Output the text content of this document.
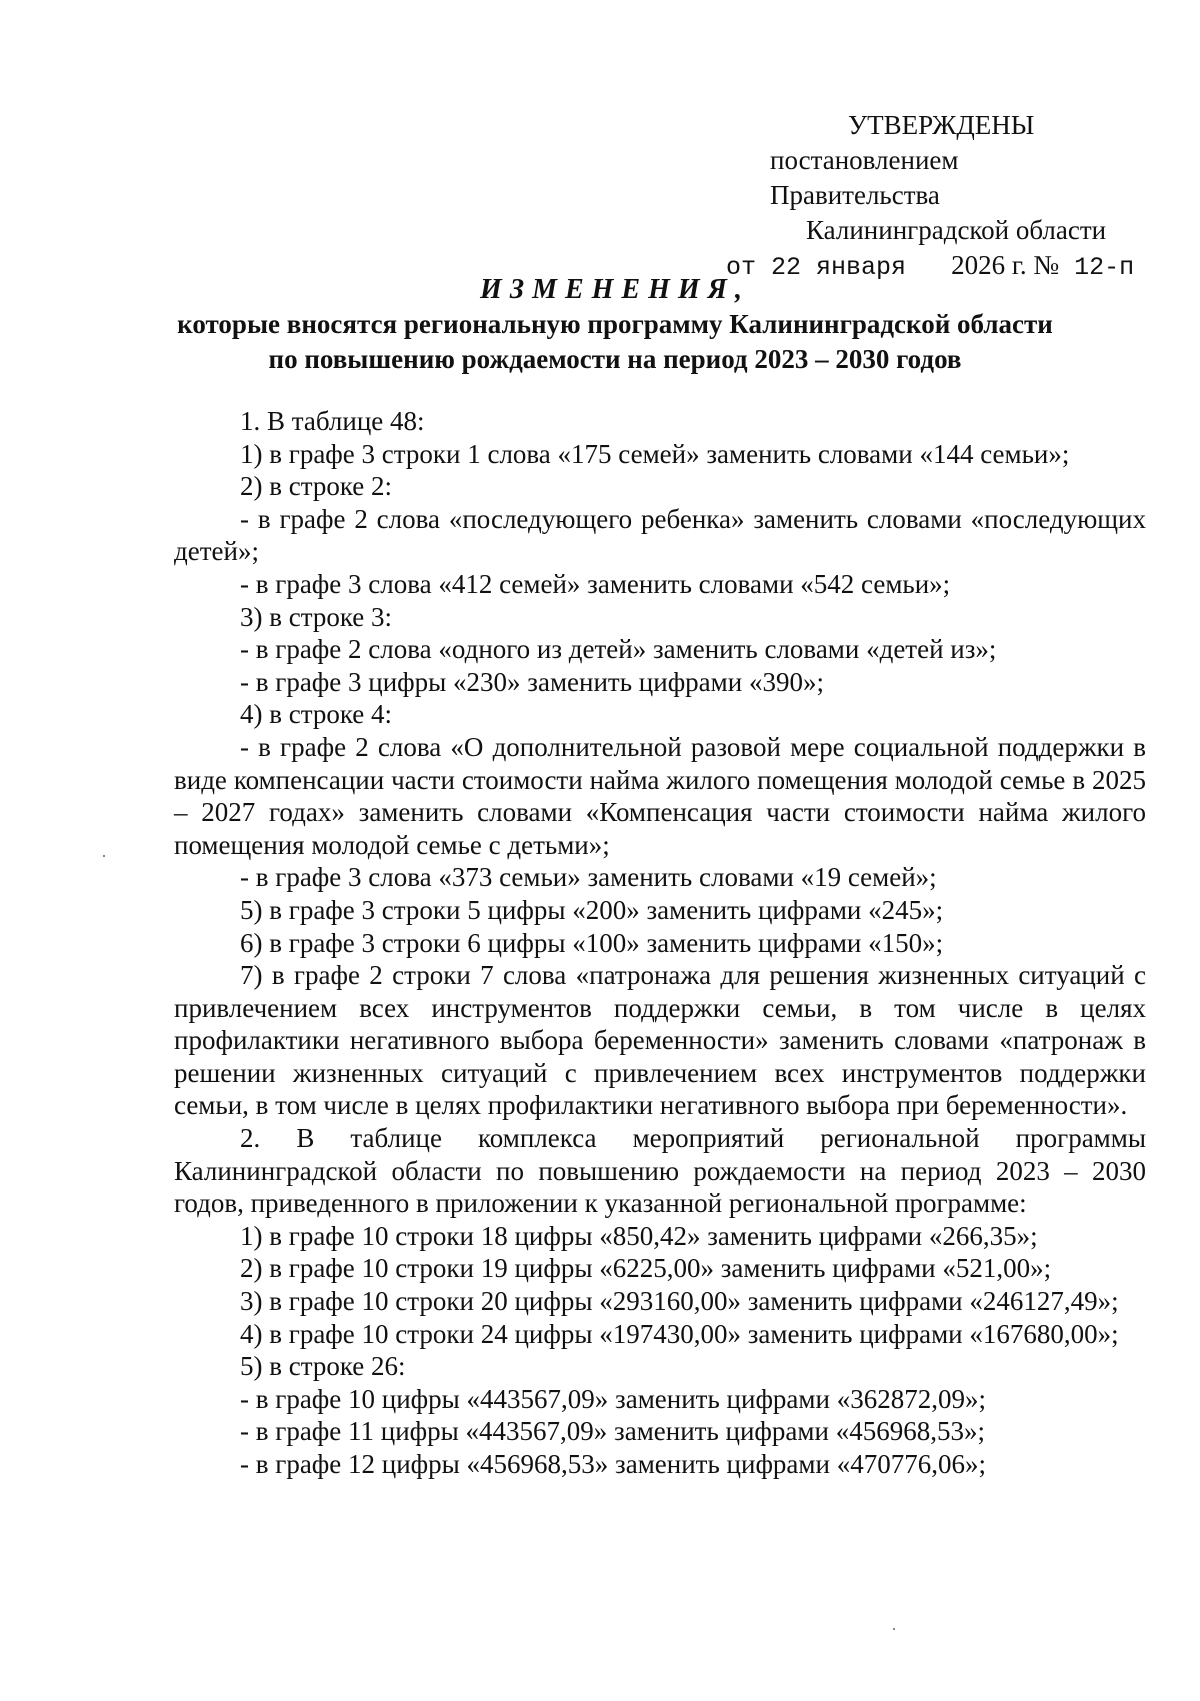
УТВЕРЖДЕНЫ
постановлением Правительства
Калининградской области
от 22 января 2026 г. № 12-п
ИЗМЕНЕНИЯ,
которые вносятся региональную программу Калининградской области
по повышению рождаемости на период 2023 – 2030 годов

1. В таблице 48:

1) в графе 3 строки 1 слова «175 семей» заменить словами «144 семьи»;

2) в строке 2:

- в графе 2 слова «последующего ребенка» заменить словами «последующих детей»;

- в графе 3 слова «412 семей» заменить словами «542 семьи»;

3) в строке 3:

- в графе 2 слова «одного из детей» заменить словами «детей из»;

- в графе 3 цифры «230» заменить цифрами «390»;

4) в строке 4:

- в графе 2 слова «О дополнительной разовой мере социальной поддержки в виде компенсации части стоимости найма жилого помещения молодой семье в 2025 – 2027 годах» заменить словами «Компенсация части стоимости найма жилого помещения молодой семье с детьми»;

- в графе 3 слова «373 семьи» заменить словами «19 семей»;

5) в графе 3 строки 5 цифры «200» заменить цифрами «245»;

6) в графе 3 строки 6 цифры «100» заменить цифрами «150»;

7) в графе 2 строки 7 слова «патронажа для решения жизненных ситуаций с привлечением всех инструментов поддержки семьи, в том числе в целях профилактики негативного выбора беременности» заменить словами «патронаж в решении жизненных ситуаций с привлечением всех инструментов поддержки семьи, в том числе в целях профилактики негативного выбора при беременности».

2. В таблице комплекса мероприятий региональной программы Калининградской области по повышению рождаемости на период 2023 – 2030 годов, приведенного в приложении к указанной региональной программе:

1) в графе 10 строки 18 цифры «850,42» заменить цифрами «266,35»;

2) в графе 10 строки 19 цифры «6225,00» заменить цифрами «521,00»;

3) в графе 10 строки 20 цифры «293160,00» заменить цифрами «246127,49»;

4) в графе 10 строки 24 цифры «197430,00» заменить цифрами «167680,00»;

5) в строке 26:

- в графе 10 цифры «443567,09» заменить цифрами «362872,09»;

- в графе 11 цифры «443567,09» заменить цифрами «456968,53»;

- в графе 12 цифры «456968,53» заменить цифрами «470776,06»;
